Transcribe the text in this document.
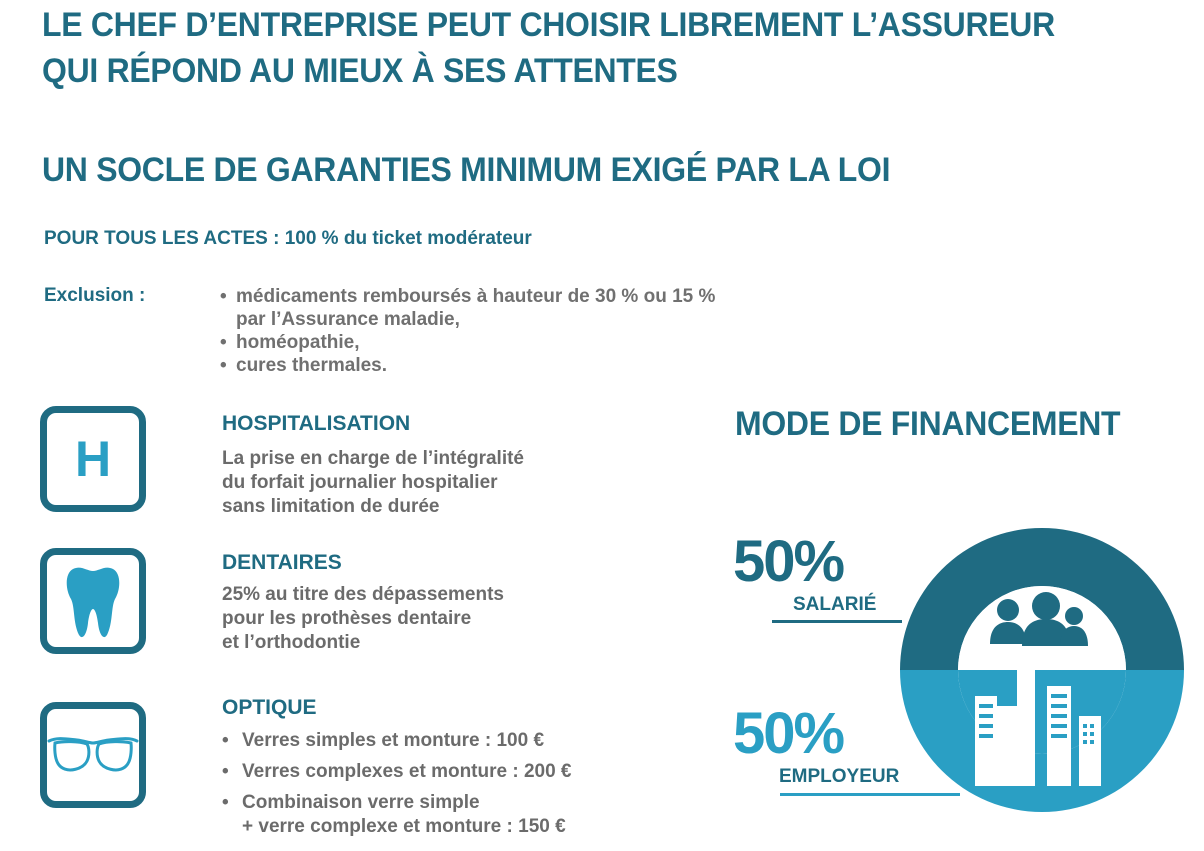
LE CHEF D’ENTREPRISE PEUT CHOISIR LIBREMENT L’ASSUREUR
QUI RÉPOND AU MIEUX À SES ATTENTES
UN SOCLE DE GARANTIES MINIMUM EXIGÉ PAR LA LOI
POUR TOUS LES ACTES : 100 % du ticket modérateur
Exclusion :
•	médicaments remboursés à hauteur de 30 % ou 15 %
par l’Assurance maladie,
• homéopathie,
• cures thermales.
H
HOSPITALISATION
La prise en charge de l’intégralité
du forfait journalier hospitalier
sans limitation de durée
DENTAIRES
25% au titre des dépassements
pour les prothèses dentaire
et l’orthodontie
OPTIQUE
• Verres simples et monture : 100 €
• Verres complexes et monture : 200 €
• Combinaison verre simple
+ verre complexe et monture : 150 €
MODE DE FINANCEMENT
50%
SALARIÉ
50%
EMPLOYEUR
